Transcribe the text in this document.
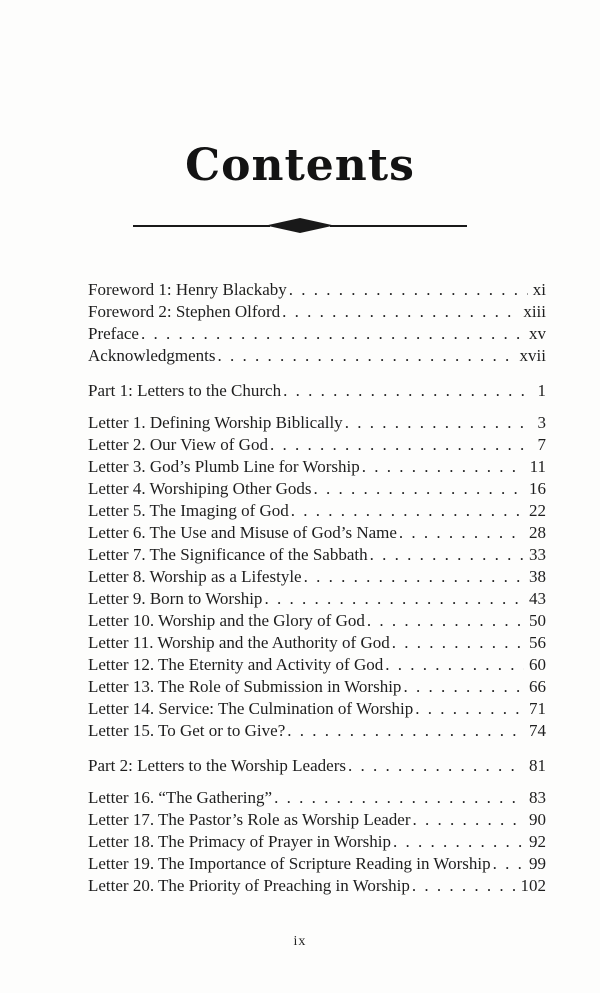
Contents
Foreword 1: Henry Blackaby . . .	xi
Foreword 2: Stephen Olford . . .	xiii
Preface . . .	xv
Acknowledgments . . .	xvii
Part 1: Letters to the Church . . .	1
Letter 1. Defining Worship Biblically . . .	3
Letter 2. Our View of God . . .	7
Letter 3. God’s Plumb Line for Worship . . .	11
Letter 4. Worshiping Other Gods . . .	16
Letter 5. The Imaging of God . . .	22
Letter 6. The Use and Misuse of God’s Name . . .	28
Letter 7. The Significance of the Sabbath . . .	33
Letter 8. Worship as a Lifestyle . . .	38
Letter 9. Born to Worship . . .	43
Letter 10. Worship and the Glory of God . . .	50
Letter 11. Worship and the Authority of God . . .	56
Letter 12. The Eternity and Activity of God . . .	60
Letter 13. The Role of Submission in Worship . . .	66
Letter 14. Service: The Culmination of Worship . . .	71
Letter 15. To Get or to Give? . . .	74
Part 2: Letters to the Worship Leaders . . .	81
Letter 16. “The Gathering” . . .	83
Letter 17. The Pastor’s Role as Worship Leader . . .	90
Letter 18. The Primacy of Prayer in Worship . . .	92
Letter 19. The Importance of Scripture Reading in Worship . . . 99
Letter 20. The Priority of Preaching in Worship . . .	102
ix
